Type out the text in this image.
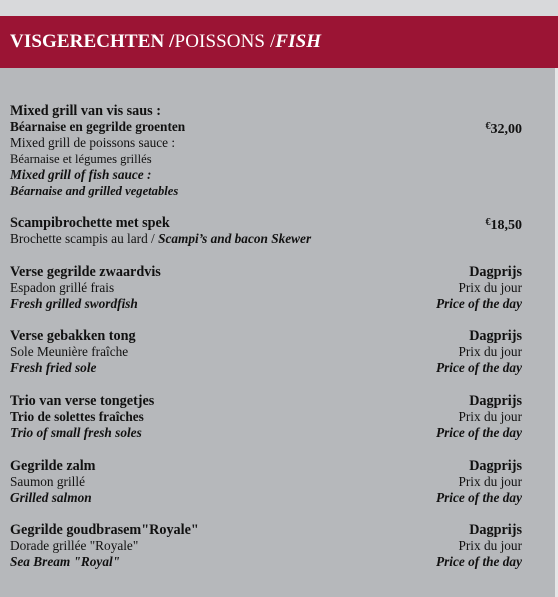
VISGERECHTEN / POISSONS / FISH
Mixed grill van vis saus :
Béarnaise en gegrilde groenten	€32,00
Mixed grill de poissons sauce :
Béarnaise et légumes grillés
Mixed grill of fish sauce :
Béarnaise and grilled vegetables
Scampibrochette met spek	€18,50
Brochette scampis au lard / Scampi’s and bacon Skewer
Verse gegrilde zwaardvis	Dagprijs
Espadon grillé frais	Prix du jour
Fresh grilled swordfish	Price of the day
Verse gebakken tong	Dagprijs
Sole Meunière fraîche	Prix du jour
Fresh fried sole	Price of the day
Trio van verse tongetjes	Dagprijs
Trio de solettes fraîches	Prix du jour
Trio of small fresh soles	Price of the day
Gegrilde zalm	Dagprijs
Saumon grillé	Prix du jour
Grilled salmon	Price of the day
Gegrilde goudbrasem"Royale"	Dagprijs
Dorade grillée "Royale"	Prix du jour
Sea Bream "Royal"	Price of the day
